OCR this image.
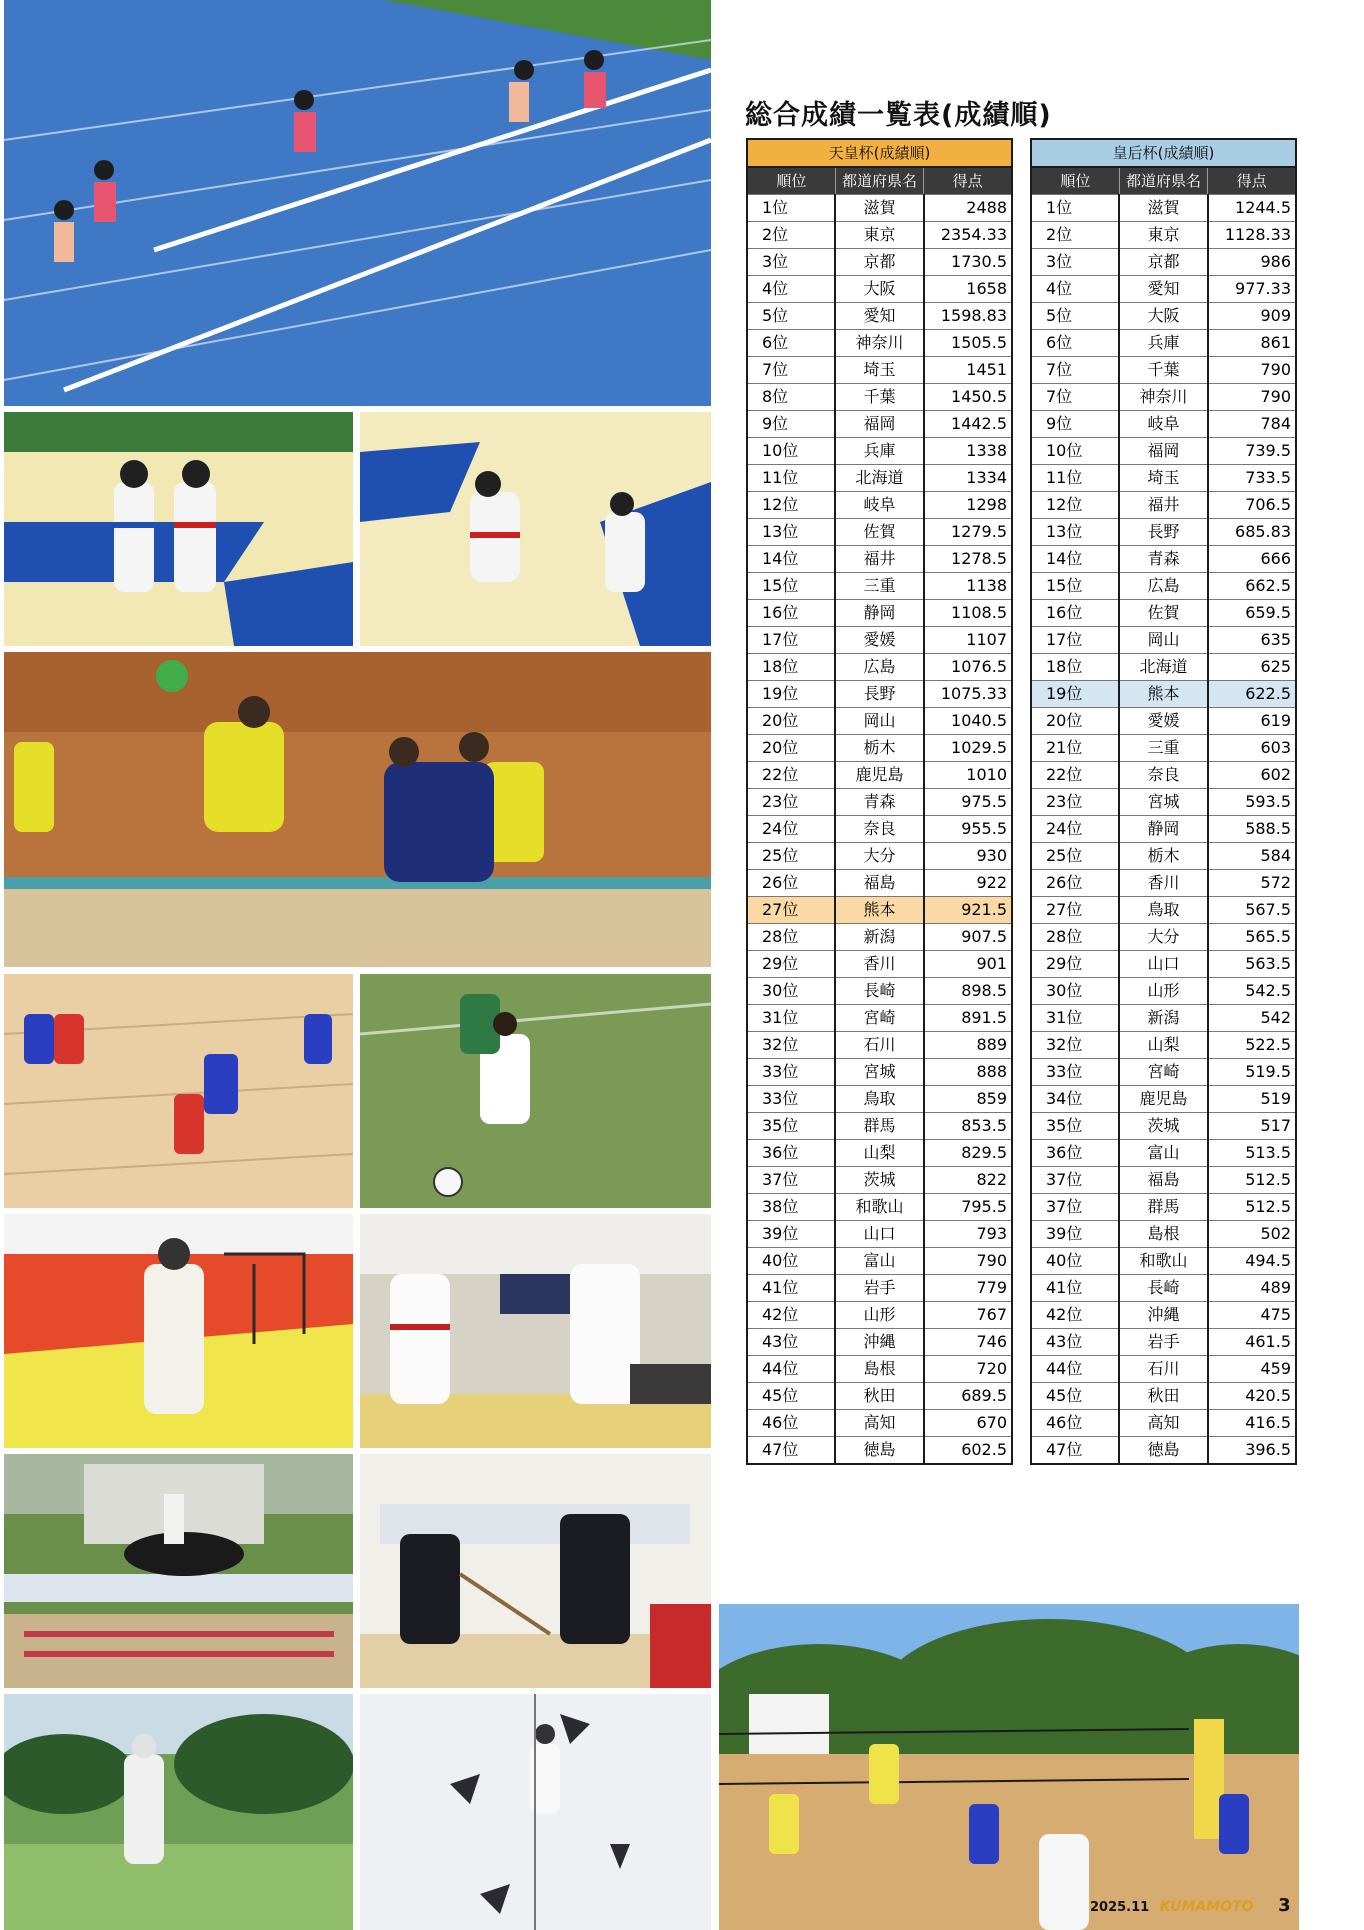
総合成績一覧表(成績順)
天皇杯(成績順)		
順位	都道府県名	得点
1位	滋賀	2488
2位	東京	2354.33
3位	京都	1730.5
4位	大阪	1658
5位	愛知	1598.83
6位	神奈川	1505.5
7位	埼玉	1451
8位	千葉	1450.5
9位	福岡	1442.5
10位	兵庫	1338
11位	北海道	1334
12位	岐阜	1298
13位	佐賀	1279.5
14位	福井	1278.5
15位	三重	1138
16位	静岡	1108.5
17位	愛媛	1107
18位	広島	1076.5
19位	長野	1075.33
20位	岡山	1040.5
20位	栃木	1029.5
22位	鹿児島	1010
23位	青森	975.5
24位	奈良	955.5
25位	大分	930
26位	福島	922
27位	熊本	921.5
28位	新潟	907.5
29位	香川	901
30位	長崎	898.5
31位	宮崎	891.5
32位	石川	889
33位	宮城	888
33位	鳥取	859
35位	群馬	853.5
36位	山梨	829.5
37位	茨城	822
38位	和歌山	795.5
39位	山口	793
40位	富山	790
41位	岩手	779
42位	山形	767
43位	沖縄	746
44位	島根	720
45位	秋田	689.5
46位	高知	670
47位	徳島	602.5
皇后杯(成績順)		
順位	都道府県名	得点
1位	滋賀	1244.5
2位	東京	1128.33
3位	京都	986
4位	愛知	977.33
5位	大阪	909
6位	兵庫	861
7位	千葉	790
7位	神奈川	790
9位	岐阜	784
10位	福岡	739.5
11位	埼玉	733.5
12位	福井	706.5
13位	長野	685.83
14位	青森	666
15位	広島	662.5
16位	佐賀	659.5
17位	岡山	635
18位	北海道	625
19位	熊本	622.5
20位	愛媛	619
21位	三重	603
22位	奈良	602
23位	宮城	593.5
24位	静岡	588.5
25位	栃木	584
26位	香川	572
27位	鳥取	567.5
28位	大分	565.5
29位	山口	563.5
30位	山形	542.5
31位	新潟	542
32位	山梨	522.5
33位	宮崎	519.5
34位	鹿児島	519
35位	茨城	517
36位	富山	513.5
37位	福島	512.5
37位	群馬	512.5
39位	島根	502
40位	和歌山	494.5
41位	長崎	489
42位	沖縄	475
43位	岩手	461.5
44位	石川	459
45位	秋田	420.5
46位	高知	416.5
47位	徳島	396.5
2025.11 KUMAMOTO 3
